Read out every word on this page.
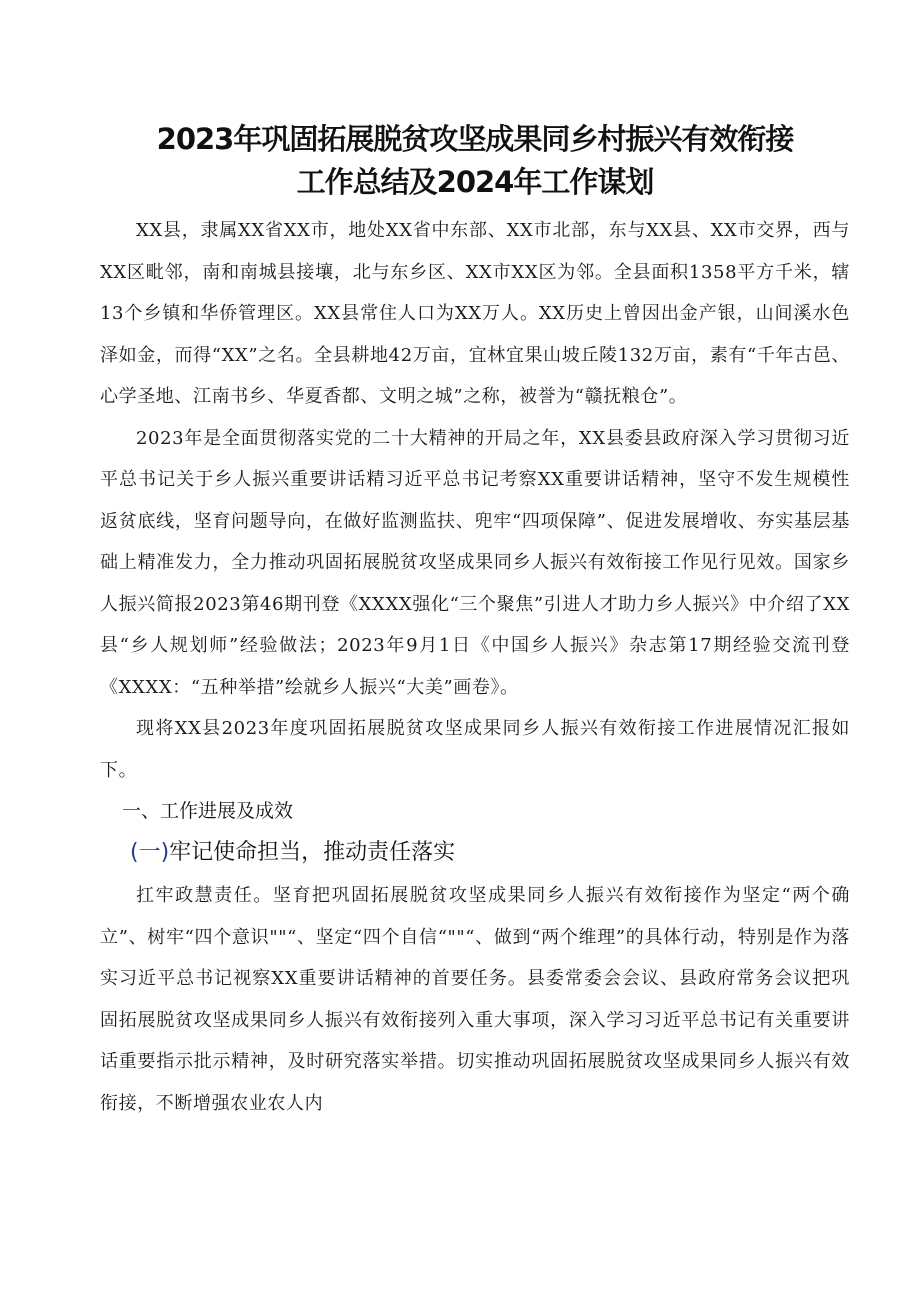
2023年巩固拓展脱贫攻坚成果同乡村振兴有效衔接
工作总结及2024年工作谋划

XX县，隶属XX省XX市，地处XX省中东部、XX市北部，东与XX县、XX市交界，西与XX区毗邻，南和南城县接壤，北与东乡区、XX市XX区为邻。全县面积1358平方千米，辖13个乡镇和华侨管理区。XX县常住人口为XX万人。XX历史上曾因出金产银，山间溪水色泽如金，而得“XX”之名。全县耕地42万亩，宜林宜果山坡丘陵132万亩，素有“千年古邑、心学圣地、江南书乡、华夏香都、文明之城”之称，被誉为“赣抚粮仓”。

2023年是全面贯彻落实党的二十大精神的开局之年，XX县委县政府深入学习贯彻习近平总书记关于乡人振兴重要讲话精习近平总书记考察XX重要讲话精神，坚守不发生规模性返贫底线，坚育问题导向，在做好监测监扶、兜牢“四项保障”、促进发展增收、夯实基层基础上精准发力，全力推动巩固拓展脱贫攻坚成果同乡人振兴有效衔接工作见行见效。国家乡人振兴简报2023第46期刊登《XXXX强化“三个聚焦”引进人才助力乡人振兴》中介绍了XX县“乡人规划师”经验做法；2023年9月1日《中国乡人振兴》杂志第17期经验交流刊登《XXXX：“五种举措”绘就乡人振兴“大美”画卷》。

现将XX县2023年度巩固拓展脱贫攻坚成果同乡人振兴有效衔接工作进展情况汇报如下。

一、工作进展及成效

(一)牢记使命担当，推动责任落实

扛牢政慧责任。坚育把巩固拓展脱贫攻坚成果同乡人振兴有效衔接作为坚定“两个确立”、树牢“四个意识""“、坚定“四个自信“""“、做到“两个维理”的具体行动，特别是作为落实习近平总书记视察XX重要讲话精神的首要任务。县委常委会会议、县政府常务会议把巩固拓展脱贫攻坚成果同乡人振兴有效衔接列入重大事项，深入学习习近平总书记有关重要讲话重要指示批示精神，及时研究落实举措。切实推动巩固拓展脱贫攻坚成果同乡人振兴有效衔接，不断增强农业农人内
